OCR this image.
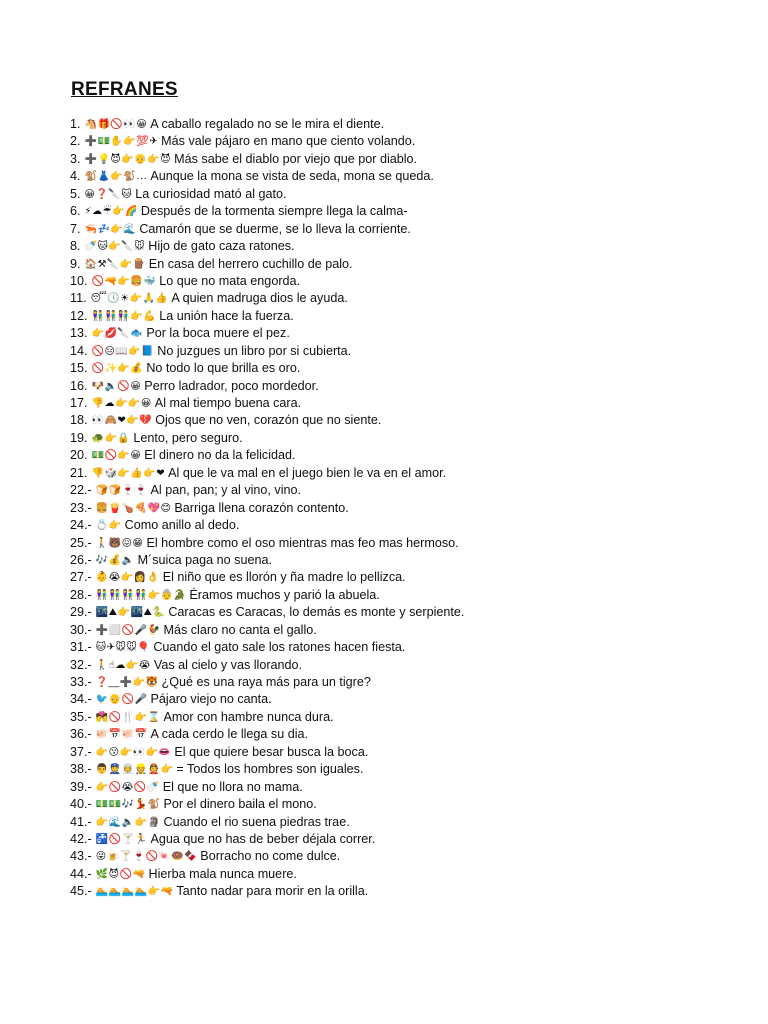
REFRANES
1. 🐴🎁🚫👀😀 A caballo regalado no se le mira el diente.
2. ➕💵✋👉💯✈ Más vale pájaro en mano que ciento volando.
3. ➕💡😈👉👴👉😈 Más sabe el diablo por viejo que por diablo.
4. 🐒👗👉🐒... Aunque la mona se vista de seda, mona se queda.
5. 😀❓🔪🐱 La curiosidad mató al gato.
6. ⚡☁☔👉🌈 Después de la tormenta siempre llega la calma-
7. 🦐💤👉🌊 Camarón que se duerme, se lo lleva la corriente.
8. 🍼🐱👉🔪🐭 Hijo de gato caza ratones.
9. 🏠⚒🔪👉🪵 En casa del herrero cuchillo de palo.
10. 🚫🔫👉🍔🐳 Lo que no mata engorda.
11. 😴🕔☀👉🙏👍 A quien madruga dios le ayuda.
12. 👫👫👫👉💪 La unión hace la fuerza.
13. 👉💋🔪🐟 Por la boca muere el pez.
14. 🚫😑📖👉📘 No juzgues un libro por si cubierta.
15. 🚫✨👉💰 No todo lo que brilla es oro.
16. 🐶🔈🚫😀 Perro ladrador, poco mordedor.
17. 👎☁👉👉😀 Al mal tiempo buena cara.
18. 👀🙈❤👉💔 Ojos que no ven, corazón que no siente.
19. 🐢👉🔒 Lento, pero seguro.
20. 💵🚫👉😀 El dinero no da la felicidad.
21. 👎🎲👉👍👉❤ Al que le va mal en el juego bien le va en el amor.
22.- 🍞🍞🍷🍷 Al pan, pan; y al vino, vino.
23.- 🍔🍟🍗🍕💖😊 Barriga llena corazón contento.
24.- 💍👉 Como anillo al dedo.
25.- 🚶🐻😖😁 El hombre como el oso mientras mas feo mas hermoso.
26.- 🎶💰🔈 M´suica paga no suena.
27.- 👶😭👉👩👌 El niño que es llorón y ña madre lo pellizca.
28.- 👫👫👫👫👉👵🐊 Éramos muchos y parió la abuela.
29.- 🌃⛰👉🌃⛰🐍 Caracas es Caracas, lo demás es monte y serpiente.
30.- ➕⬜🚫🎤🐓 Más claro no canta el gallo.
31.- 🐱✈🐭🐭🎈 Cuando el gato sale los ratones hacen fiesta.
32.- 🚶☝☁👉😭 Vas al cielo y vas llorando.
33.- ❓__➕👉🐯 ¿Qué es una raya más para un tigre?
34.- 🐦👴🚫🎤 Pájaro viejo no canta.
35.- 💏🚫🍴👉⌛ Amor con hambre nunca dura.
36.- 🐖📅🐖📅 A cada cerdo le llega su dia.
37.- 👉😗👉👀👉👄 El que quiere besar busca la boca.
38.- 👨👮👳👷👲👉 = Todos los hombres son iguales.
39.- 👉🚫😭🚫🍼 El que no llora no mama.
40.- 💵💵🎶💃🐒 Por el dinero baila el mono.
41.- 👉🌊🔈👉🗿 Cuando el rio suena piedras trae.
42.- 🚰🚫🍸🏃 Agua que no has de beber déjala correr.
43.- 😜🍺🍸🍷🚫🍬🍩🍫 Borracho no come dulce.
44.- 🌿😈🚫🔫 Hierba mala nunca muere.
45.- 🏊🏊🏊🏊👉🔫 Tanto nadar para morir en la orilla.
